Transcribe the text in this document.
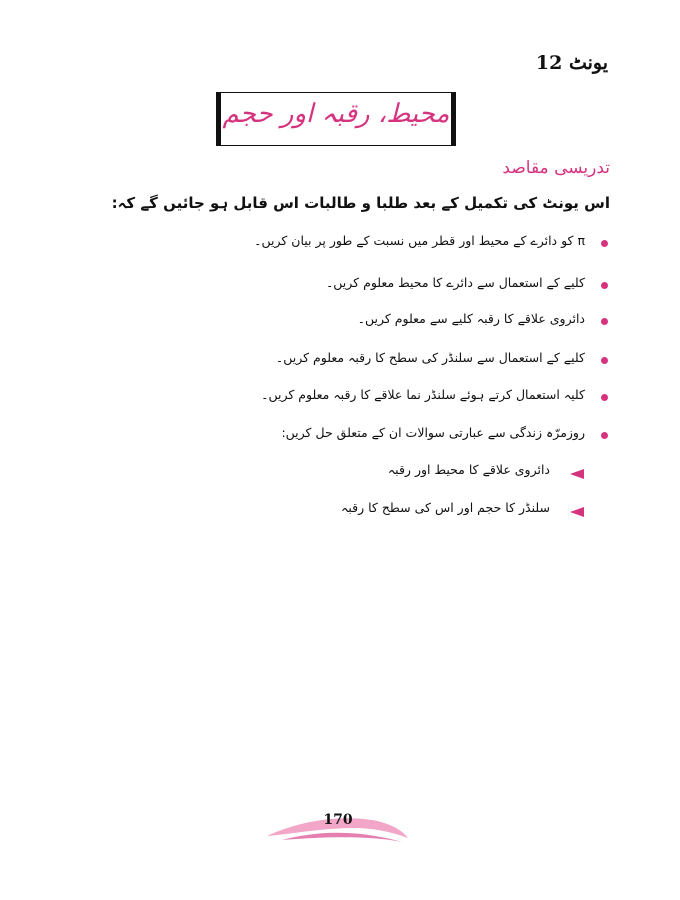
یونٹ 12
محیط، رقبہ اور حجم
تدریسی مقاصد
اس یونٹ کی تکمیل کے بعد طلبا و طالبات اس قابل ہو جائیں گے کہ:
π کو دائرے کے محیط اور قطر میں نسبت کے طور پر بیان کریں۔
کلیے کے استعمال سے دائرے کا محیط معلوم کریں۔
دائروی علاقے کا رقبہ کلیے سے معلوم کریں۔
کلیے کے استعمال سے سلنڈر کی سطح کا رقبہ معلوم کریں۔
کلیہ استعمال کرتے ہوئے سلنڈر نما علاقے کا رقبہ معلوم کریں۔
روزمرّہ زندگی سے عبارتی سوالات ان کے متعلق حل کریں:
دائروی علاقے کا محیط اور رقبہ
سلنڈر کا حجم اور اس کی سطح کا رقبہ
170
